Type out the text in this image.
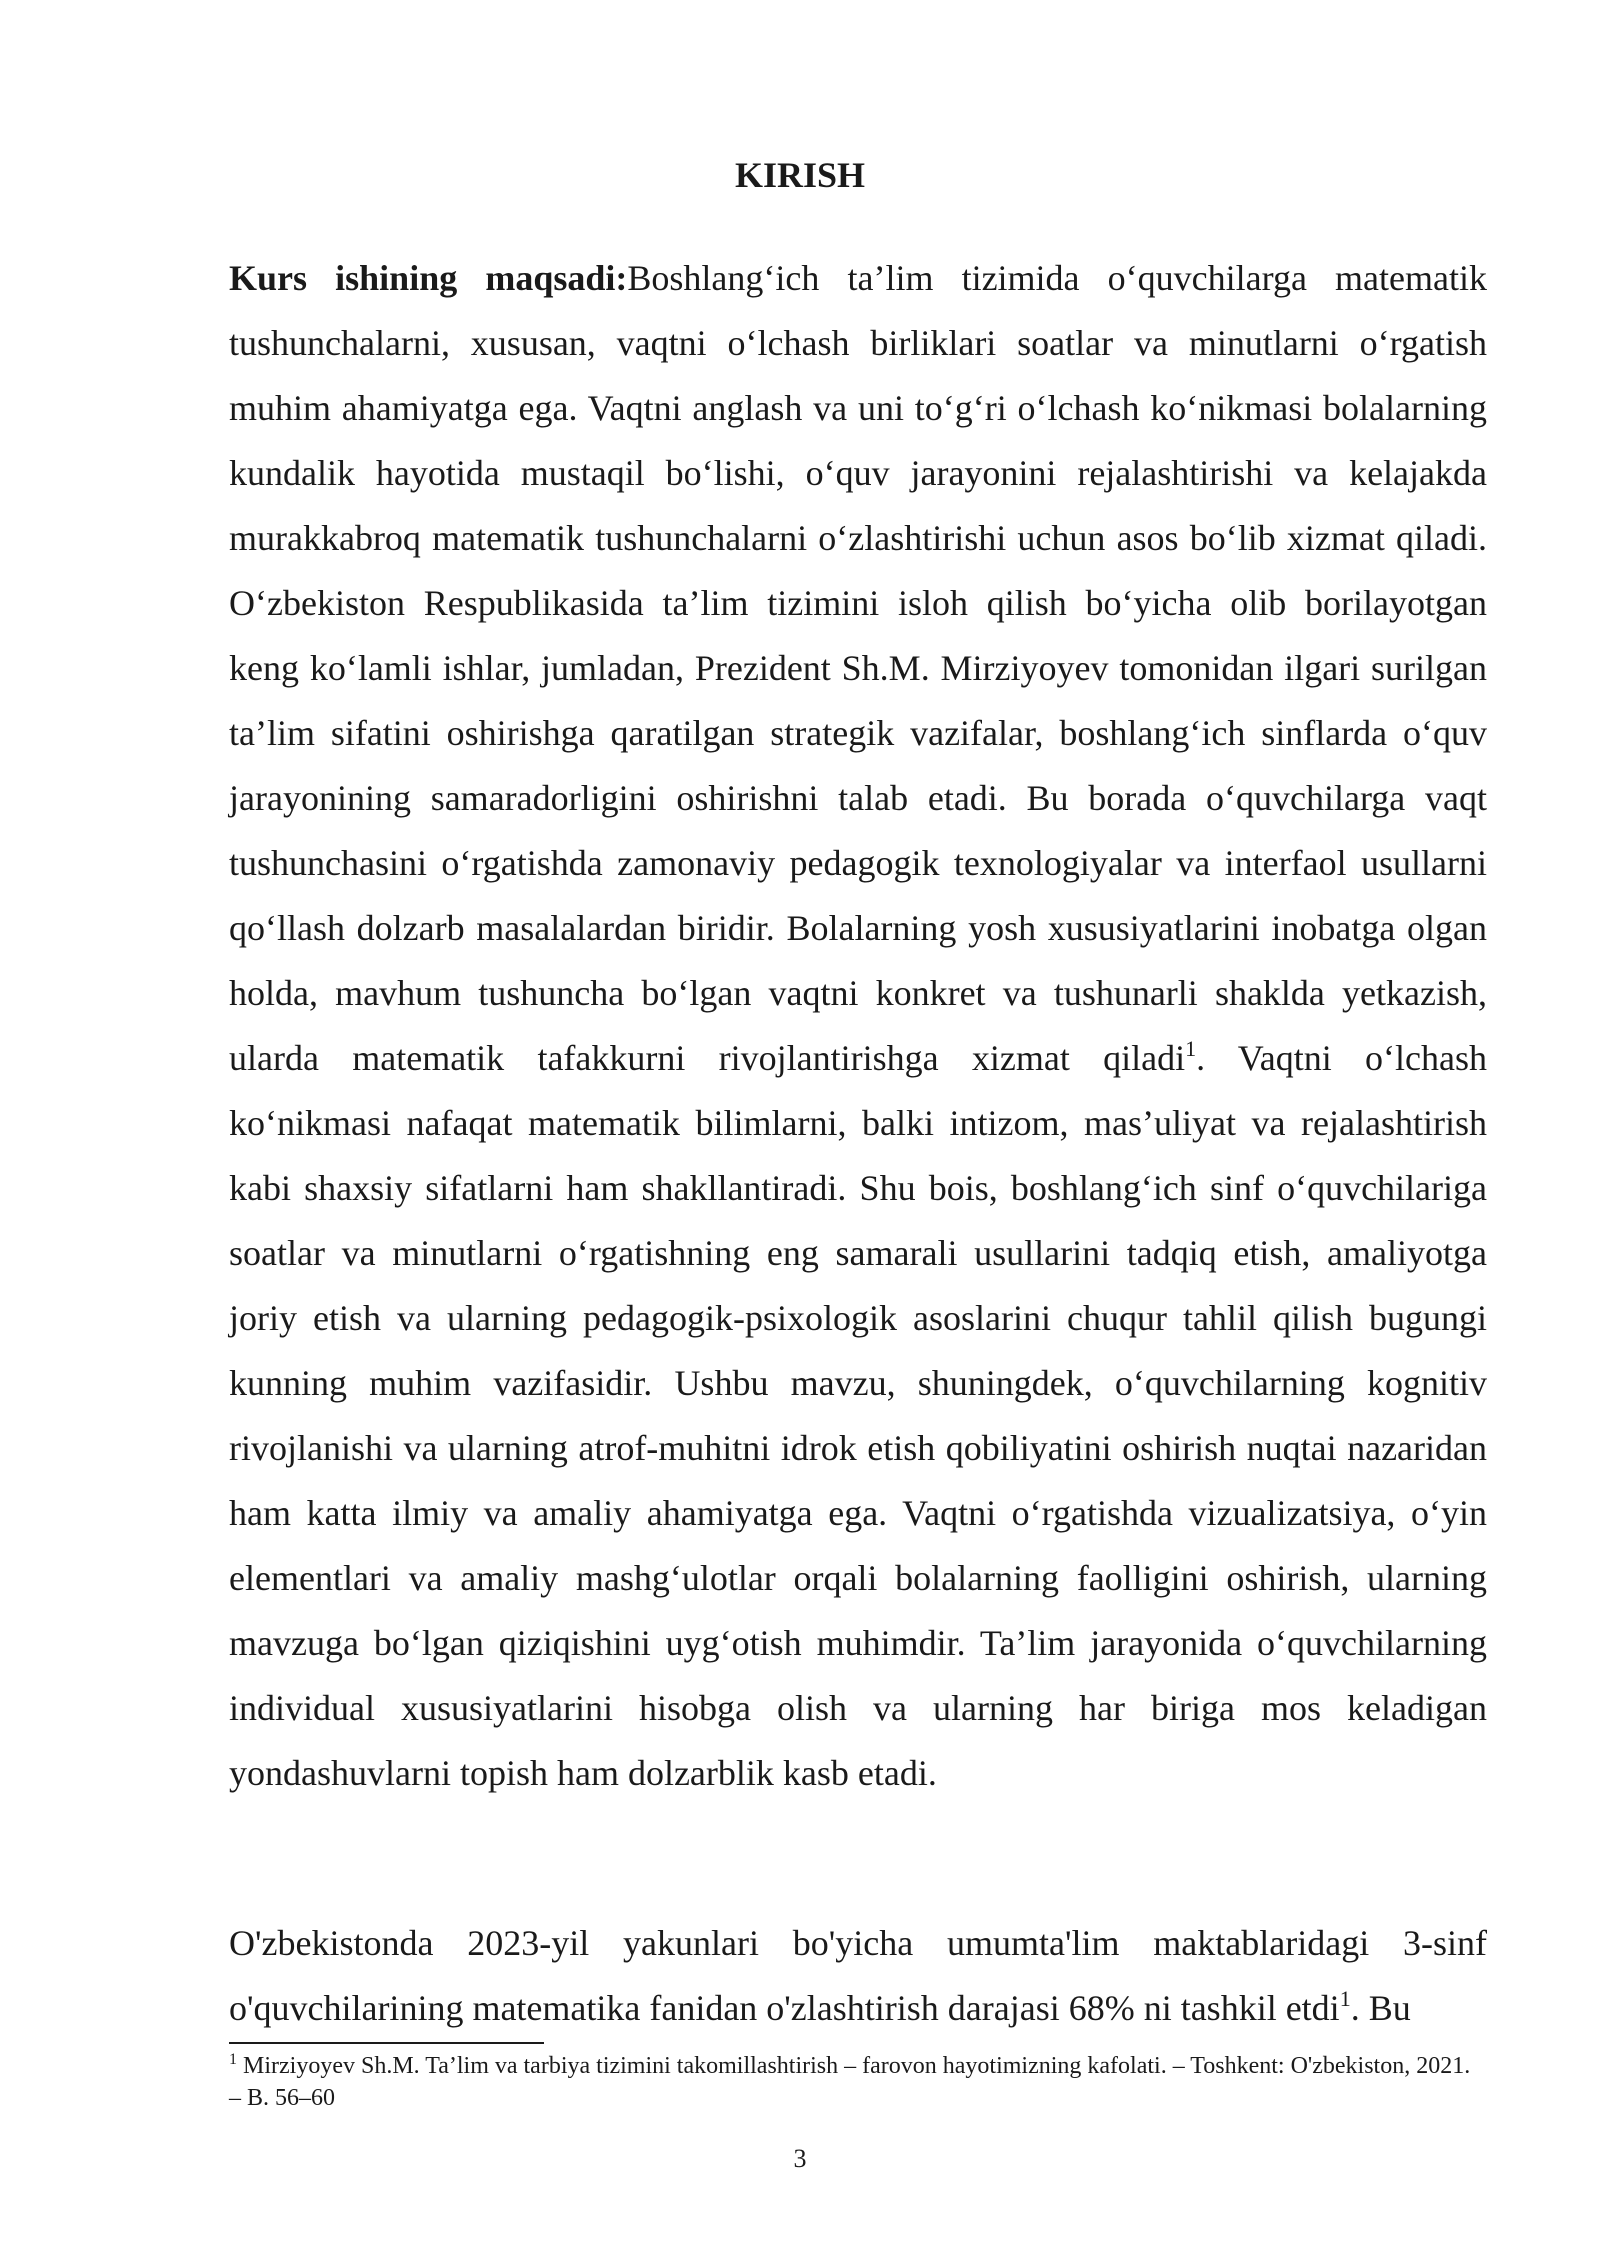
KIRISH

Kurs ishining maqsadi:Boshlang‘ich ta’lim tizimida o‘quvchilarga matematik tushunchalarni, xususan, vaqtni o‘lchash birliklari soatlar va minutlarni o‘rgatish muhim ahamiyatga ega. Vaqtni anglash va uni to‘g‘ri o‘lchash ko‘nikmasi bolalarning kundalik hayotida mustaqil bo‘lishi, o‘quv jarayonini rejalashtirishi va kelajakda murakkabroq matematik tushunchalarni o‘zlashtirishi uchun asos bo‘lib xizmat qiladi. O‘zbekiston Respublikasida ta’lim tizimini isloh qilish bo‘yicha olib borilayotgan keng ko‘lamli ishlar, jumladan, Prezident Sh.M. Mirziyoyev tomonidan ilgari surilgan ta’lim sifatini oshirishga qaratilgan strategik vazifalar, boshlang‘ich sinflarda o‘quv jarayonining samaradorligini oshirishni talab etadi. Bu borada o‘quvchilarga vaqt tushunchasini o‘rgatishda zamonaviy pedagogik texnologiyalar va interfaol usullarni qo‘llash dolzarb masalalardan biridir. Bolalarning yosh xususiyatlarini inobatga olgan holda, mavhum tushuncha bo‘lgan vaqtni konkret va tushunarli shaklda yetkazish, ularda matematik tafakkurni rivojlantirishga xizmat qiladi$^1$. Vaqtni o‘lchash ko‘nikmasi nafaqat matematik bilimlarni, balki intizom, mas’uliyat va rejalashtirish kabi shaxsiy sifatlarni ham shakllantiradi. Shu bois, boshlang‘ich sinf o‘quvchilariga soatlar va minutlarni o‘rgatishning eng samarali usullarini tadqiq etish, amaliyotga joriy etish va ularning pedagogik-psixologik asoslarini chuqur tahlil qilish bugungi kunning muhim vazifasidir. Ushbu mavzu, shuningdek, o‘quvchilarning kognitiv rivojlanishi va ularning atrof-muhitni idrok etish qobiliyatini oshirish nuqtai nazaridan ham katta ilmiy va amaliy ahamiyatga ega. Vaqtni o‘rgatishda vizualizatsiya, o‘yin elementlari va amaliy mashg‘ulotlar orqali bolalarning faolligini oshirish, ularning mavzuga bo‘lgan qiziqishini uyg‘otish muhimdir. Ta’lim jarayonida o‘quvchilarning individual xususiyatlarini hisobga olish va ularning har biriga mos keladigan yondashuvlarni topish ham dolzarblik kasb etadi.

O'zbekistonda 2023-yil yakunlari bo'yicha umumta'lim maktablaridagi 3-sinf o'quvchilarining matematika fanidan o'zlashtirish darajasi 68% ni tashkil etdi$^1$. Bu

$^1$ Mirziyoyev Sh.M. Ta’lim va tarbiya tizimini takomillashtirish – farovon hayotimizning kafolati. – Toshkent: O'zbekiston, 2021. – B. 56–60

3
